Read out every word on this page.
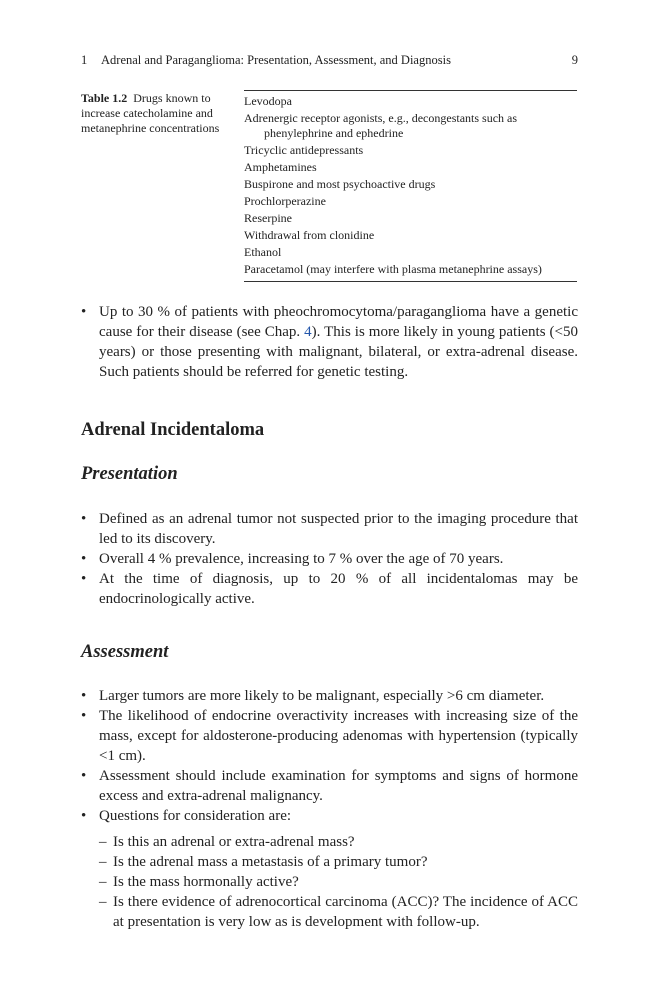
1 Adrenal and Paraganglioma: Presentation, Assessment, and Diagnosis	9
Table 1.2 Drugs known to increase catecholamine and metanephrine concentrations
Levodopa
Adrenergic receptor agonists, e.g., decongestants such as
phenylephrine and ephedrine
Tricyclic antidepressants
Amphetamines
Buspirone and most psychoactive drugs
Prochlorperazine
Reserpine
Withdrawal from clonidine
Ethanol
Paracetamol (may interfere with plasma metanephrine assays)
• Up to 30 % of patients with pheochromocytoma/paraganglioma have a genetic cause for their disease (see Chap. 4). This is more likely in young patients (<50 years) or those presenting with malignant, bilateral, or extra-adrenal disease. Such patients should be referred for genetic testing.
Adrenal Incidentaloma
Presentation
• Defined as an adrenal tumor not suspected prior to the imaging procedure that led to its discovery.
• Overall 4 % prevalence, increasing to 7 % over the age of 70 years.
• At the time of diagnosis, up to 20 % of all incidentalomas may be endocrinologically active.
Assessment
• Larger tumors are more likely to be malignant, especially >6 cm diameter.
• The likelihood of endocrine overactivity increases with increasing size of the mass, except for aldosterone-producing adenomas with hypertension (typically <1 cm).
• Assessment should include examination for symptoms and signs of hormone excess and extra-adrenal malignancy.
• Questions for consideration are:
– Is this an adrenal or extra-adrenal mass?
– Is the adrenal mass a metastasis of a primary tumor?
– Is the mass hormonally active?
– Is there evidence of adrenocortical carcinoma (ACC)? The incidence of ACC at presentation is very low as is development with follow-up.
